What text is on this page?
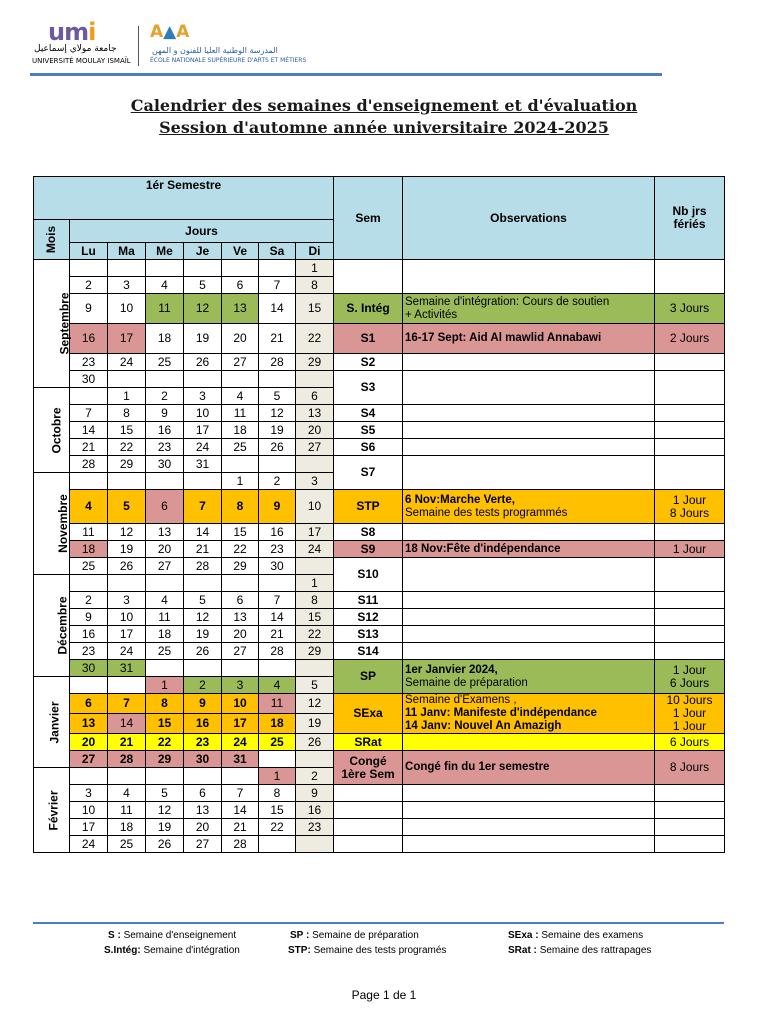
umi
جامعة مولاي إسماعيل
UNIVERSITÉ MOULAY ISMAÏL
A▲A
المدرسة الوطنية العليا للفنون و المهن
ÉCOLE NATIONALE SUPÉRIEURE D'ARTS ET MÉTIERS
Calendrier des semaines d'enseignement et d'évaluation
Session d'automne année universitaire 2024-2025
1ér Semestre								Sem	Observations	Nb jrs
fériés
Mois	Jours									
	Lu	Ma	Me	Je	Ve	Sa	Di			
Septembre							1			
	2	3	4	5	6	7	8			
	9	10	11	12	13	14	15	S. Intég	Semaine d'intégration: Cours de soutien
+ Activités	3 Jours
	16	17	18	19	20	21	22	S1	16-17 Sept: Aid Al mawlid Annabawi	2 Jours
	23	24	25	26	27	28	29	S2		
	30							S3		
Octobre		1	2	3	4	5	6			
	7	8	9	10	11	12	13	S4		
	14	15	16	17	18	19	20	S5		
	21	22	23	24	25	26	27	S6		
	28	29	30	31				S7		
Novembre					1	2	3			
	4	5	6	7	8	9	10	STP	6 Nov:Marche Verte,
Semaine des tests programmés	1 Jour
8 Jours
	11	12	13	14	15	16	17	S8		
	18	19	20	21	22	23	24	S9	18 Nov:Fête d'indépendance	1 Jour
	25	26	27	28	29	30		S10		
Décembre							1			
	2	3	4	5	6	7	8	S11		
	9	10	11	12	13	14	15	S12		
	16	17	18	19	20	21	22	S13		
	23	24	25	26	27	28	29	S14		
	30	31						SP	1er Janvier 2024,
Semaine de préparation	1 Jour
6 Jours
Janvier			1	2	3	4	5			
	6	7	8	9	10	11	12	SExa	Semaine d'Examens ,
11 Janv: Manifeste d'indépendance
14 Janv: Nouvel An Amazigh	10 Jours
1 Jour
1 Jour
	13	14	15	16	17	18	19			
	20	21	22	23	24	25	26	SRat		6 Jours
	27	28	29	30	31			Congé
1ère Sem	Congé fin du 1er semestre	8 Jours
Février						1	2			
	3	4	5	6	7	8	9			
	10	11	12	13	14	15	16			
	17	18	19	20	21	22	23			
	24	25	26	27	28					
S : Semaine d'enseignement
S.Intég: Semaine d'intégration
SP : Semaine de préparation
STP: Semaine des tests programés
SExa : Semaine des examens
SRat : Semaine des rattrapages
Page 1 de 1
